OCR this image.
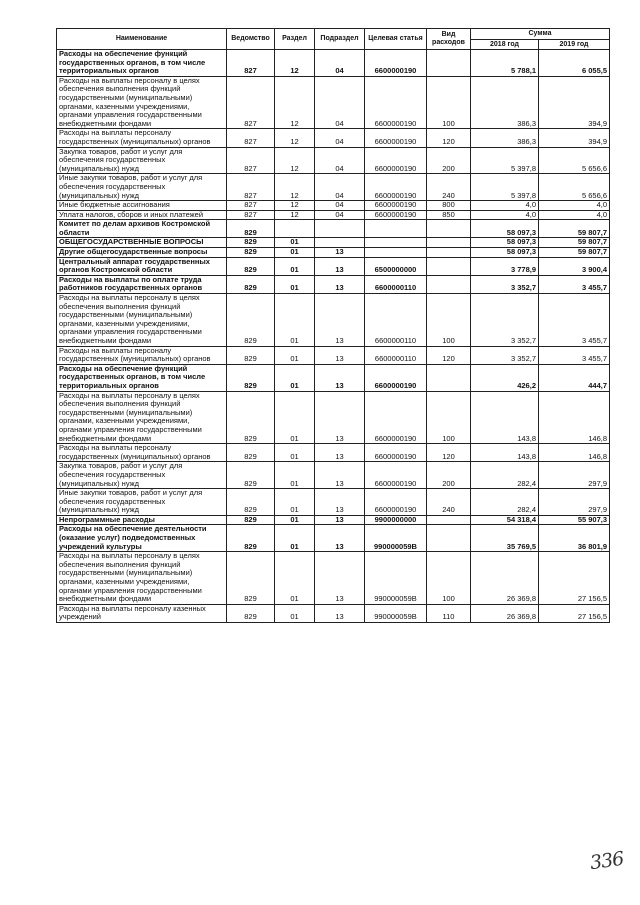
Наименование	Ведомство	Раздел	Подраздел	Целевая статья	Вид расходов	Сумма	
						2018 год	2019 год
Расходы на обеспечение функций государственных органов, в том числе территориальных органов	827	12	04	6600000190		5 788,1	6 055,5
Расходы на выплаты персоналу в целях обеспечения выполнения функций государственными (муниципальными) органами, казенными учреждениями, органами управления государственными внебюджетными фондами	827	12	04	6600000190	100	386,3	394,9
Расходы на выплаты персоналу государственных (муниципальных) органов	827	12	04	6600000190	120	386,3	394,9
Закупка товаров, работ и услуг для обеспечения государственных (муниципальных) нужд	827	12	04	6600000190	200	5 397,8	5 656,6
Иные закупки товаров, работ и услуг для обеспечения государственных (муниципальных) нужд	827	12	04	6600000190	240	5 397,8	5 656,6
Иные бюджетные ассигнования	827	12	04	6600000190	800	4,0	4,0
Уплата налогов, сборов и иных платежей	827	12	04	6600000190	850	4,0	4,0
Комитет по делам архивов Костромской области	829					58 097,3	59 807,7
ОБЩЕГОСУДАРСТВЕННЫЕ ВОПРОСЫ	829	01				58 097,3	59 807,7
Другие общегосударственные вопросы	829	01	13			58 097,3	59 807,7
Центральный аппарат государственных органов Костромской области	829	01	13	6500000000		3 778,9	3 900,4
Расходы на выплаты по оплате труда работников государственных органов	829	01	13	6600000110		3 352,7	3 455,7
Расходы на выплаты персоналу в целях обеспечения выполнения функций государственными (муниципальными) органами, казенными учреждениями, органами управления государственными внебюджетными фондами	829	01	13	6600000110	100	3 352,7	3 455,7
Расходы на выплаты персоналу государственных (муниципальных) органов	829	01	13	6600000110	120	3 352,7	3 455,7
Расходы на обеспечение функций государственных органов, в том числе территориальных органов	829	01	13	6600000190		426,2	444,7
Расходы на выплаты персоналу в целях обеспечения выполнения функций государственными (муниципальными) органами, казенными учреждениями, органами управления государственными внебюджетными фондами	829	01	13	6600000190	100	143,8	146,8
Расходы на выплаты персоналу государственных (муниципальных) органов	829	01	13	6600000190	120	143,8	146,8
Закупка товаров, работ и услуг для обеспечения государственных (муниципальных) нужд	829	01	13	6600000190	200	282,4	297,9
Иные закупки товаров, работ и услуг для обеспечения государственных (муниципальных) нужд	829	01	13	6600000190	240	282,4	297,9
Непрограммные расходы	829	01	13	9900000000		54 318,4	55 907,3
Расходы на обеспечение деятельности (оказание услуг) подведомственных учреждений культуры	829	01	13	990000059В		35 769,5	36 801,9
Расходы на выплаты персоналу в целях обеспечения выполнения функций государственными (муниципальными) органами, казенными учреждениями, органами управления государственными внебюджетными фондами	829	01	13	990000059В	100	26 369,8	27 156,5
Расходы на выплаты персоналу казенных учреждений	829	01	13	990000059В	110	26 369,8	27 156,5
336
